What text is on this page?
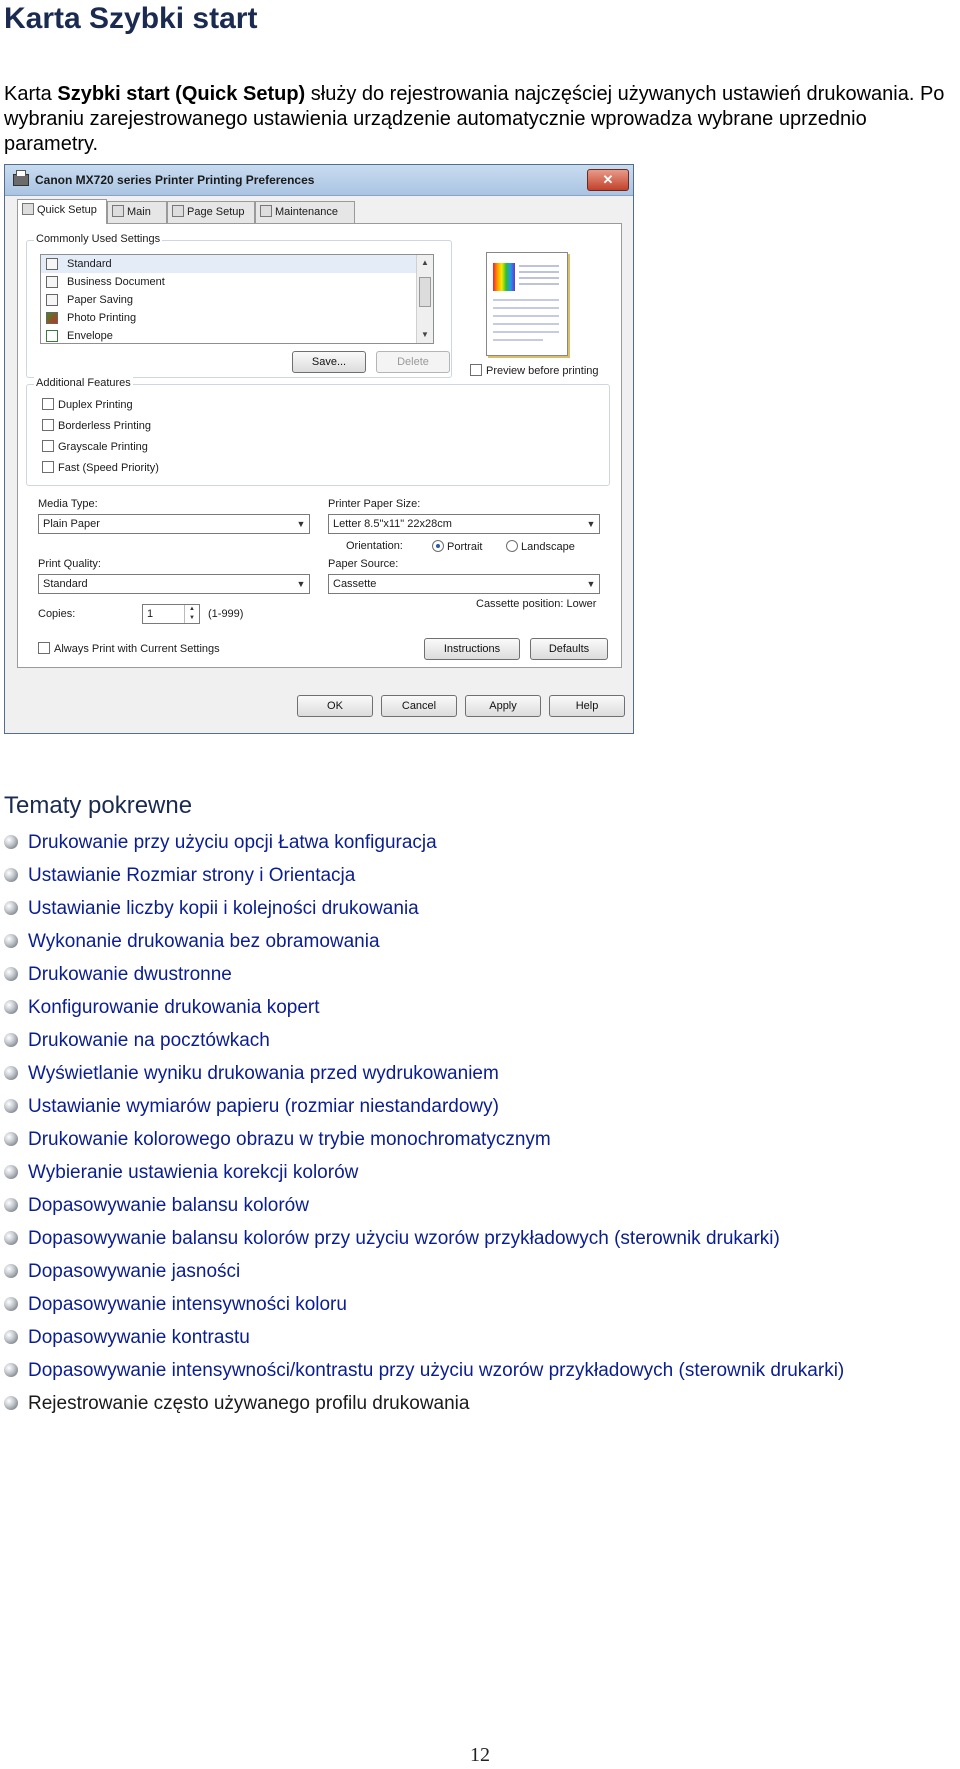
Karta Szybki start

Karta Szybki start (Quick Setup) służy do rejestrowania najczęściej używanych ustawień drukowania. Po wybraniu zarejestrowanego ustawienia urządzenie automatycznie wprowadza wybrane uprzednio parametry.

Canon MX720 series Printer Printing Preferences	✕
Quick Setup	Main	Page Setup	Maintenance
Commonly Used Settings
Standard
Business Document
Paper Saving
Photo Printing
Envelope
▲
▼
Save...	Delete
Preview before printing
Additional Features
Duplex Printing
Borderless Printing
Grayscale Printing
Fast (Speed Priority)
Media Type:
Plain Paper	▼
Printer Paper Size:
Letter 8.5"x11" 22x28cm	▼
Orientation:	Portrait	Landscape
Print Quality:
Standard	▼
Paper Source:
Cassette	▼
Cassette position: Lower
Copies:	1	▲
▼	(1-999)
Always Print with Current Settings	Instructions	Defaults
OK	Cancel	Apply	Help
Tematy pokrewne
Drukowanie przy użyciu opcji Łatwa konfiguracja
Ustawianie Rozmiar strony i Orientacja
Ustawianie liczby kopii i kolejności drukowania
Wykonanie drukowania bez obramowania
Drukowanie dwustronne
Konfigurowanie drukowania kopert
Drukowanie na pocztówkach
Wyświetlanie wyniku drukowania przed wydrukowaniem
Ustawianie wymiarów papieru (rozmiar niestandardowy)
Drukowanie kolorowego obrazu w trybie monochromatycznym
Wybieranie ustawienia korekcji kolorów
Dopasowywanie balansu kolorów
Dopasowywanie balansu kolorów przy użyciu wzorów przykładowych (sterownik drukarki)
Dopasowywanie jasności
Dopasowywanie intensywności koloru
Dopasowywanie kontrastu
Dopasowywanie intensywności/kontrastu przy użyciu wzorów przykładowych (sterownik drukarki)
Rejestrowanie często używanego profilu drukowania
12
